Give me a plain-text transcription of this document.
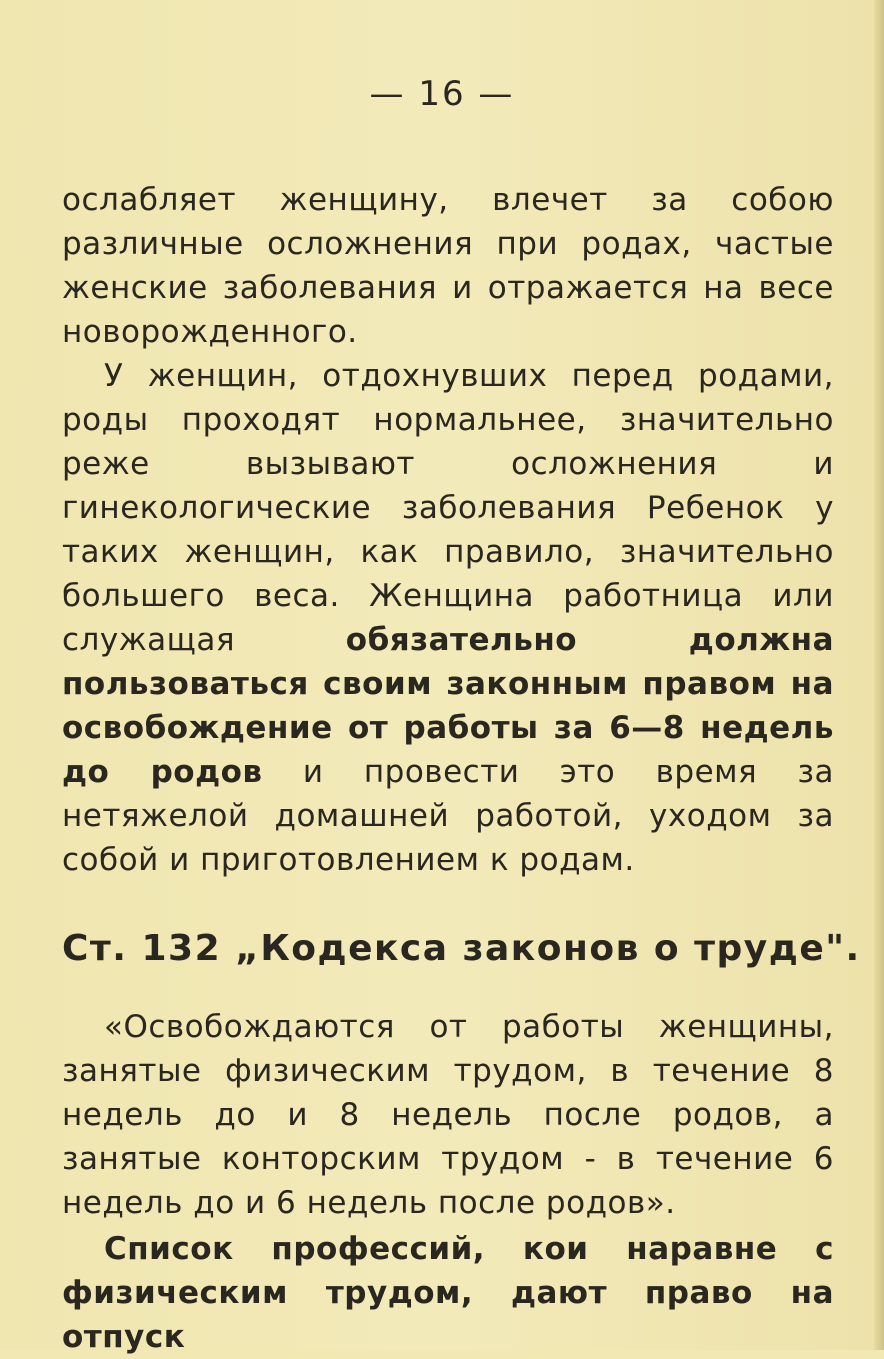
— 16 —
ослабляет женщину, влечет за собою различные осложнения при родах, частые женские заболевания и отражается на весе новорожденного.
У женщин, отдохнувших перед родами, роды проходят нормальнее, значительно реже вызывают осложнения и гинекологические заболевания Ребенок у таких женщин, как правило, значительно большего веса. Женщина работница или служащая обязательно должна пользоваться своим законным правом на освобождение от работы за 6—8 недель до родов и провести это время за нетяжелой домашней работой, уходом за собой и приготовлением к родам.
Ст. 132 „Кодекса законов о труде".
«Освобождаются от работы женщины, занятые физическим трудом, в течение 8 недель до и 8 недель после родов, а занятые конторским трудом - в течение 6 недель до и 6 недель после родов».
Список профессий, кои наравне с физическим трудом, дают право на отпуск
